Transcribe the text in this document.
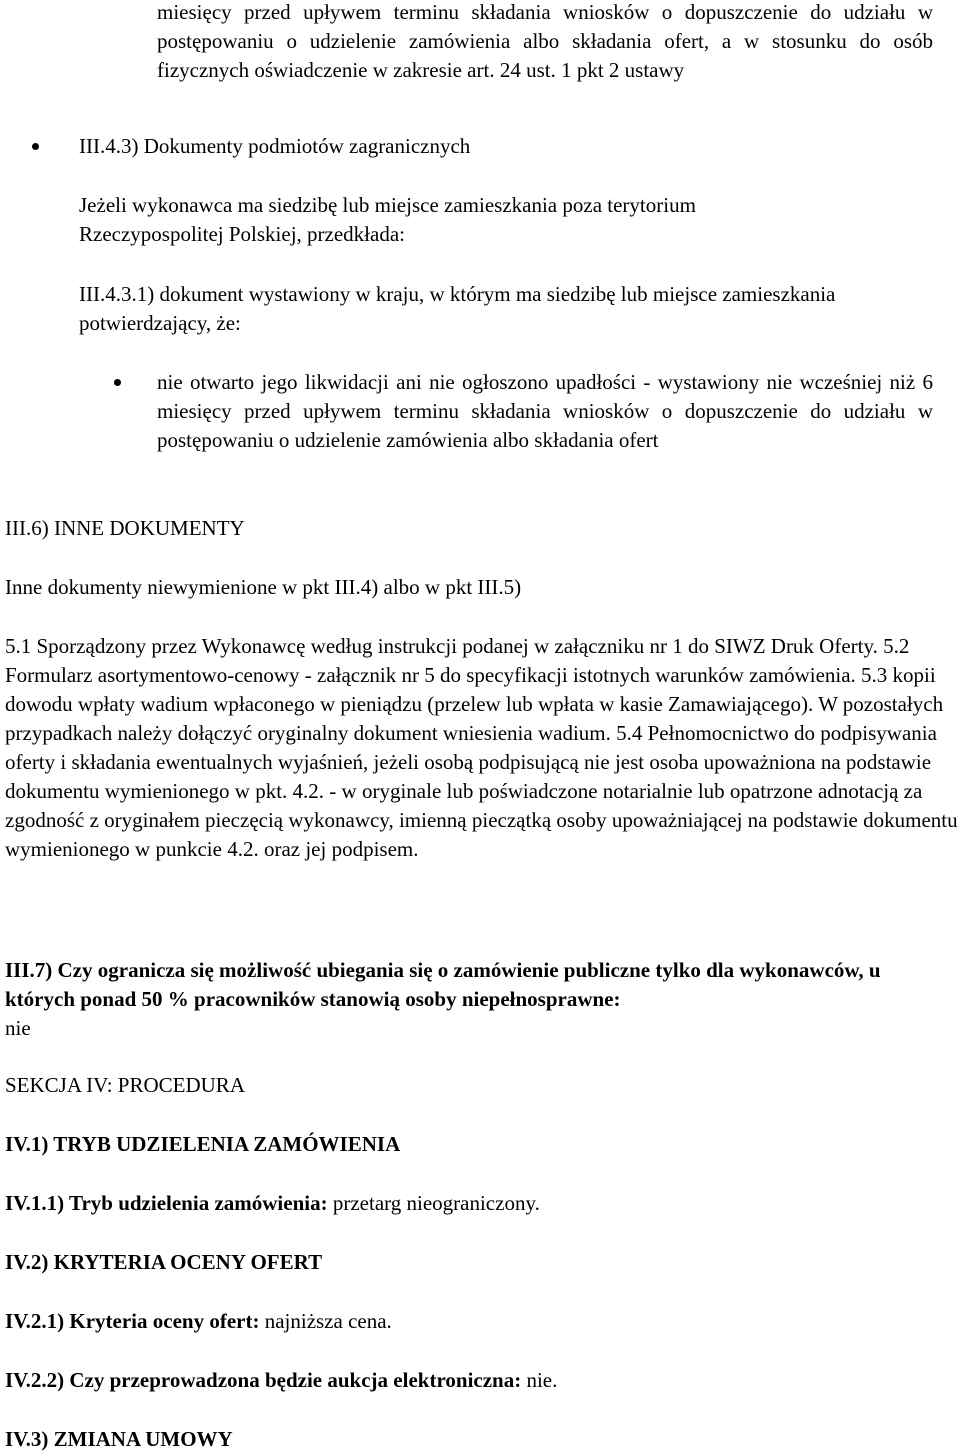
miesięcy przed upływem terminu składania wniosków o dopuszczenie do udziału w postępowaniu o udzielenie zamówienia albo składania ofert, a w stosunku do osób fizycznych oświadczenie w zakresie art. 24 ust. 1 pkt 2 ustawy

III.4.3) Dokumenty podmiotów zagranicznych

Jeżeli wykonawca ma siedzibę lub miejsce zamieszkania poza terytorium Rzeczypospolitej Polskiej, przedkłada:

III.4.3.1) dokument wystawiony w kraju, w którym ma siedzibę lub miejsce zamieszkania potwierdzający, że:

nie otwarto jego likwidacji ani nie ogłoszono upadłości - wystawiony nie wcześniej niż 6 miesięcy przed upływem terminu składania wniosków o dopuszczenie do udziału w postępowaniu o udzielenie zamówienia albo składania ofert

III.6) INNE DOKUMENTY

Inne dokumenty niewymienione w pkt III.4) albo w pkt III.5)

5.1 Sporządzony przez Wykonawcę według instrukcji podanej w załączniku nr 1 do SIWZ Druk Oferty. 5.2 Formularz asortymentowo-cenowy - załącznik nr 5 do specyfikacji istotnych warunków zamówienia. 5.3 kopii dowodu wpłaty wadium wpłaconego w pieniądzu (przelew lub wpłata w kasie Zamawiającego). W pozostałych przypadkach należy dołączyć oryginalny dokument wniesienia wadium. 5.4 Pełnomocnictwo do podpisywania oferty i składania ewentualnych wyjaśnień, jeżeli osobą podpisującą nie jest osoba upoważniona na podstawie dokumentu wymienionego w pkt. 4.2. - w oryginale lub poświadczone notarialnie lub opatrzone adnotacją za zgodność z oryginałem pieczęcią wykonawcy, imienną pieczątką osoby upoważniającej na podstawie dokumentu wymienionego w punkcie 4.2. oraz jej podpisem.

III.7) Czy ogranicza się możliwość ubiegania się o zamówienie publiczne tylko dla wykonawców, u których ponad 50 % pracowników stanowią osoby niepełnosprawne:
nie

SEKCJA IV: PROCEDURA

IV.1) TRYB UDZIELENIA ZAMÓWIENIA

IV.1.1) Tryb udzielenia zamówienia: przetarg nieograniczony.

IV.2) KRYTERIA OCENY OFERT

IV.2.1) Kryteria oceny ofert: najniższa cena.

IV.2.2) Czy przeprowadzona będzie aukcja elektroniczna: nie.

IV.3) ZMIANA UMOWY
